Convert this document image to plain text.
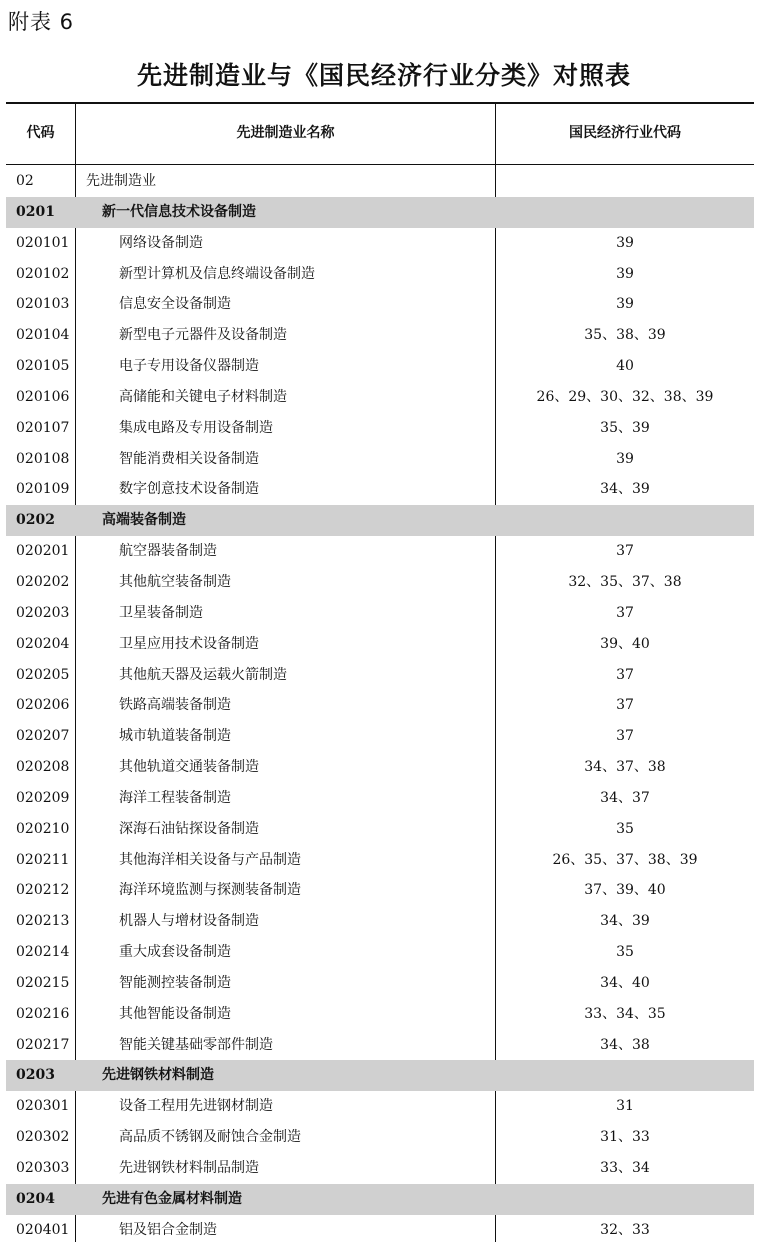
附表 6
先进制造业与《国民经济行业分类》对照表
代码	先进制造业名称	国民经济行业代码
02	先进制造业
0201	新一代信息技术设备制造
020101	网络设备制造	39
020102	新型计算机及信息终端设备制造	39
020103	信息安全设备制造	39
020104	新型电子元器件及设备制造	35、38、39
020105	电子专用设备仪器制造	40
020106	高储能和关键电子材料制造	26、29、30、32、38、39
020107	集成电路及专用设备制造	35、39
020108	智能消费相关设备制造	39
020109	数字创意技术设备制造	34、39
0202	高端装备制造
020201	航空器装备制造	37
020202	其他航空装备制造	32、35、37、38
020203	卫星装备制造	37
020204	卫星应用技术设备制造	39、40
020205	其他航天器及运载火箭制造	37
020206	铁路高端装备制造	37
020207	城市轨道装备制造	37
020208	其他轨道交通装备制造	34、37、38
020209	海洋工程装备制造	34、37
020210	深海石油钻探设备制造	35
020211	其他海洋相关设备与产品制造	26、35、37、38、39
020212	海洋环境监测与探测装备制造	37、39、40
020213	机器人与增材设备制造	34、39
020214	重大成套设备制造	35
020215	智能测控装备制造	34、40
020216	其他智能设备制造	33、34、35
020217	智能关键基础零部件制造	34、38
0203	先进钢铁材料制造
020301	设备工程用先进钢材制造	31
020302	高品质不锈钢及耐蚀合金制造	31、33
020303	先进钢铁材料制品制造	33、34
0204	先进有色金属材料制造
020401	铝及铝合金制造	32、33
